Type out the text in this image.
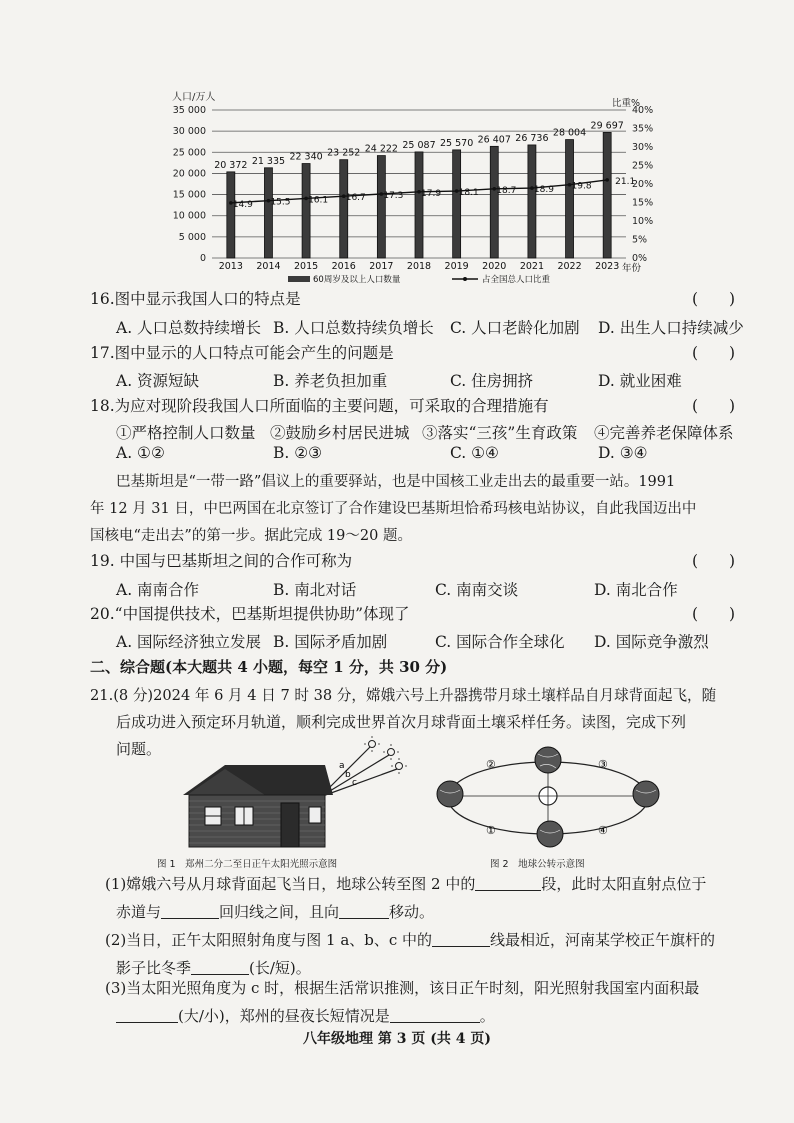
0
5 000
10 000
15 000
20 000
25 000
30 000
35 000
0%
5%
10%
15%
20%
25%
30%
35%
40%
人口/万人
比重%
20 372
2013
21 335
2014
22 340
2015
23 252
2016
24 222
2017
25 087
2018
25 570
2019
26 407
2020
26 736
2021
28 004
2022
29 697
2023 年份
14.9 15.5 16.1 16.7 17.3 17.9 18.1 18.7 18.9 19.8	21.1
60周岁及以上人口数量	占全国总人口比重
16.图中显示我国人口的特点是	(　　)
A. 人口总数持续增长 B. 人口总数持续负增长 C. 人口老龄化加剧 D. 出生人口持续减少
17.图中显示的人口特点可能会产生的问题是	(　　)
A. 资源短缺	B. 养老负担加重	C. 住房拥挤	D. 就业困难
18.为应对现阶段我国人口所面临的主要问题，可采取的合理措施有	(　　)
①严格控制人口数量 ②鼓励乡村居民进城 ③落实“三孩”生育政策 ④完善养老保障体系
A. ①②	B. ②③	C. ①④	D. ③④
巴基斯坦是“一带一路”倡议上的重要驿站，也是中国核工业走出去的最重要一站。1991
年 12 月 31 日，中巴两国在北京签订了合作建设巴基斯坦恰希玛核电站协议，自此我国迈出中
国核电“走出去”的第一步。据此完成 19～20 题。
19. 中国与巴基斯坦之间的合作可称为	(　　)
A. 南南合作	B. 南北对话	C. 南南交谈	D. 南北合作
20.“中国提供技术，巴基斯坦提供协助”体现了	(　　)
A. 国际经济独立发展 B. 国际矛盾加剧	C. 国际合作全球化 D. 国际竞争激烈
二、综合题(本大题共 4 小题，每空 1 分，共 30 分)
21.(8 分)2024 年 6 月 4 日 7 时 38 分，嫦娥六号上升器携带月球土壤样品自月球背面起飞，随
后成功进入预定环月轨道，顺利完成世界首次月球背面土壤采样任务。读图，完成下列
问题。
a
b
c
图 1　郑州二分二至日正午太阳光照示意图
①
②	③
④
图 2　地球公转示意图
(1)嫦娥六号从月球背面起飞当日，地球公转至图 2 中的	段，此时太阳直射点位于
赤道与	回归线之间，且向	移动。
(2)当日，正午太阳照射角度与图 1 a、b、c 中的	线最相近，河南某学校正午旗杆的
影子比冬季	(长/短)。
(3)当太阳光照角度为 c 时，根据生活常识推测，该日正午时刻，阳光照射我国室内面积最
(大/小)，郑州的昼夜长短情况是	。
八年级地理 第 3 页 (共 4 页)
